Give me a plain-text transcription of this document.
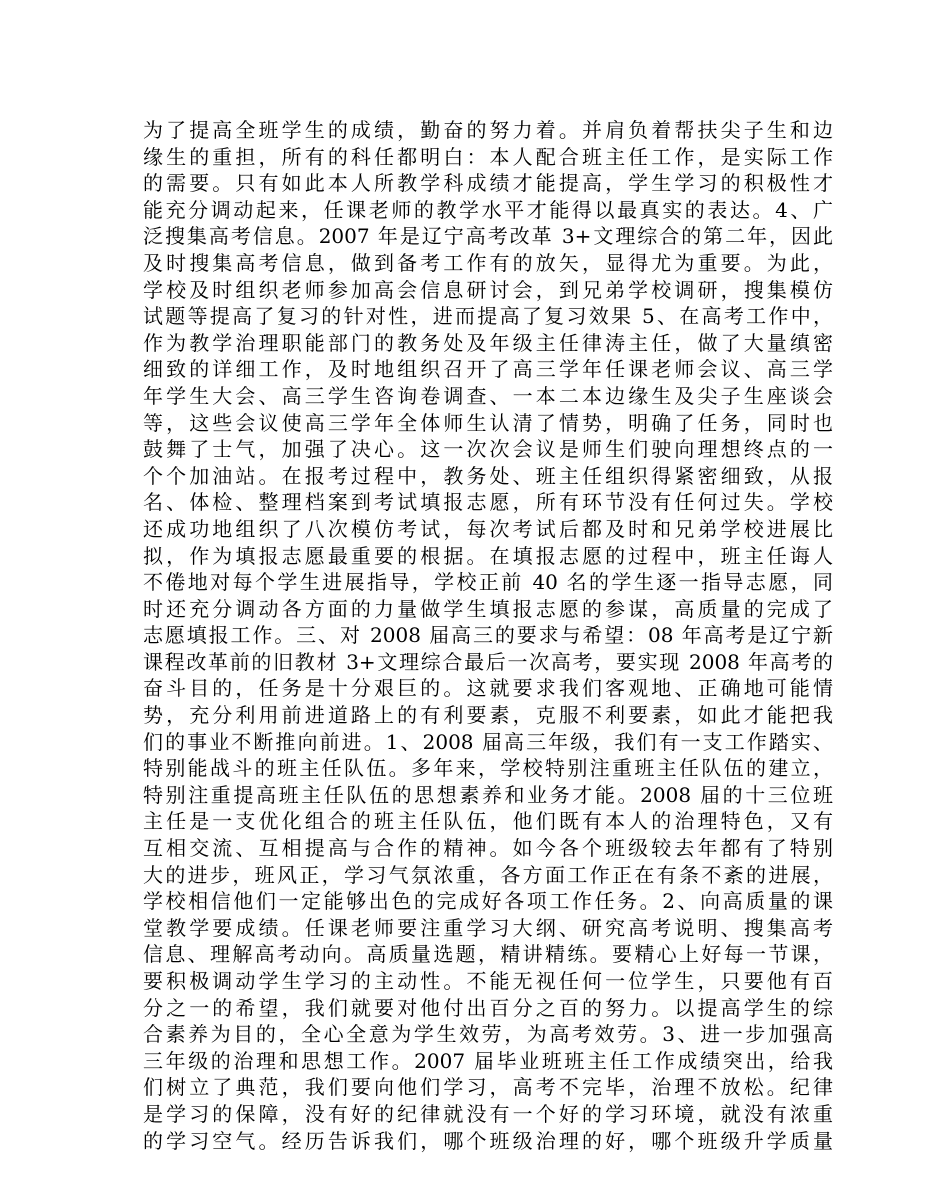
为了提高全班学生的成绩，勤奋的努力着。并肩负着帮扶尖子生和边
缘生的重担，所有的科任都明白：本人配合班主任工作，是实际工作
的需要。只有如此本人所教学科成绩才能提高，学生学习的积极性才
能充分调动起来，任课老师的教学水平才能得以最真实的表达。4、广
泛搜集高考信息。2007 年是辽宁高考改革 3+文理综合的第二年，因此
及时搜集高考信息，做到备考工作有的放矢，显得尤为重要。为此，
学校及时组织老师参加高会信息研讨会，到兄弟学校调研，搜集模仿
试题等提高了复习的针对性，进而提高了复习效果 5、在高考工作中，
作为教学治理职能部门的教务处及年级主任律涛主任，做了大量缜密
细致的详细工作，及时地组织召开了高三学年任课老师会议、高三学
年学生大会、高三学生咨询卷调查、一本二本边缘生及尖子生座谈会
等，这些会议使高三学年全体师生认清了情势，明确了任务，同时也
鼓舞了士气，加强了决心。这一次次会议是师生们驶向理想终点的一
个个加油站。在报考过程中，教务处、班主任组织得紧密细致，从报
名、体检、整理档案到考试填报志愿，所有环节没有任何过失。学校
还成功地组织了八次模仿考试，每次考试后都及时和兄弟学校进展比
拟，作为填报志愿最重要的根据。在填报志愿的过程中，班主任诲人
不倦地对每个学生进展指导，学校正前 40 名的学生逐一指导志愿，同
时还充分调动各方面的力量做学生填报志愿的参谋，高质量的完成了
志愿填报工作。三、对 2008 届高三的要求与希望：08 年高考是辽宁新
课程改革前的旧教材 3+文理综合最后一次高考，要实现 2008 年高考的
奋斗目的，任务是十分艰巨的。这就要求我们客观地、正确地可能情
势，充分利用前进道路上的有利要素，克服不利要素，如此才能把我
们的事业不断推向前进。1、2008 届高三年级，我们有一支工作踏实、
特别能战斗的班主任队伍。多年来，学校特别注重班主任队伍的建立，
特别注重提高班主任队伍的思想素养和业务才能。2008 届的十三位班
主任是一支优化组合的班主任队伍，他们既有本人的治理特色，又有
互相交流、互相提高与合作的精神。如今各个班级较去年都有了特别
大的进步，班风正，学习气氛浓重，各方面工作正在有条不紊的进展，
学校相信他们一定能够出色的完成好各项工作任务。2、向高质量的课
堂教学要成绩。任课老师要注重学习大纲、研究高考说明、搜集高考
信息、理解高考动向。高质量选题，精讲精练。要精心上好每一节课，
要积极调动学生学习的主动性。不能无视任何一位学生，只要他有百
分之一的希望，我们就要对他付出百分之百的努力。以提高学生的综
合素养为目的，全心全意为学生效劳，为高考效劳。3、进一步加强高
三年级的治理和思想工作。2007 届毕业班班主任工作成绩突出，给我
们树立了典范，我们要向他们学习，高考不完毕，治理不放松。纪律
是学习的保障，没有好的纪律就没有一个好的学习环境，就没有浓重
的学习空气。经历告诉我们，哪个班级治理的好，哪个班级升学质量
